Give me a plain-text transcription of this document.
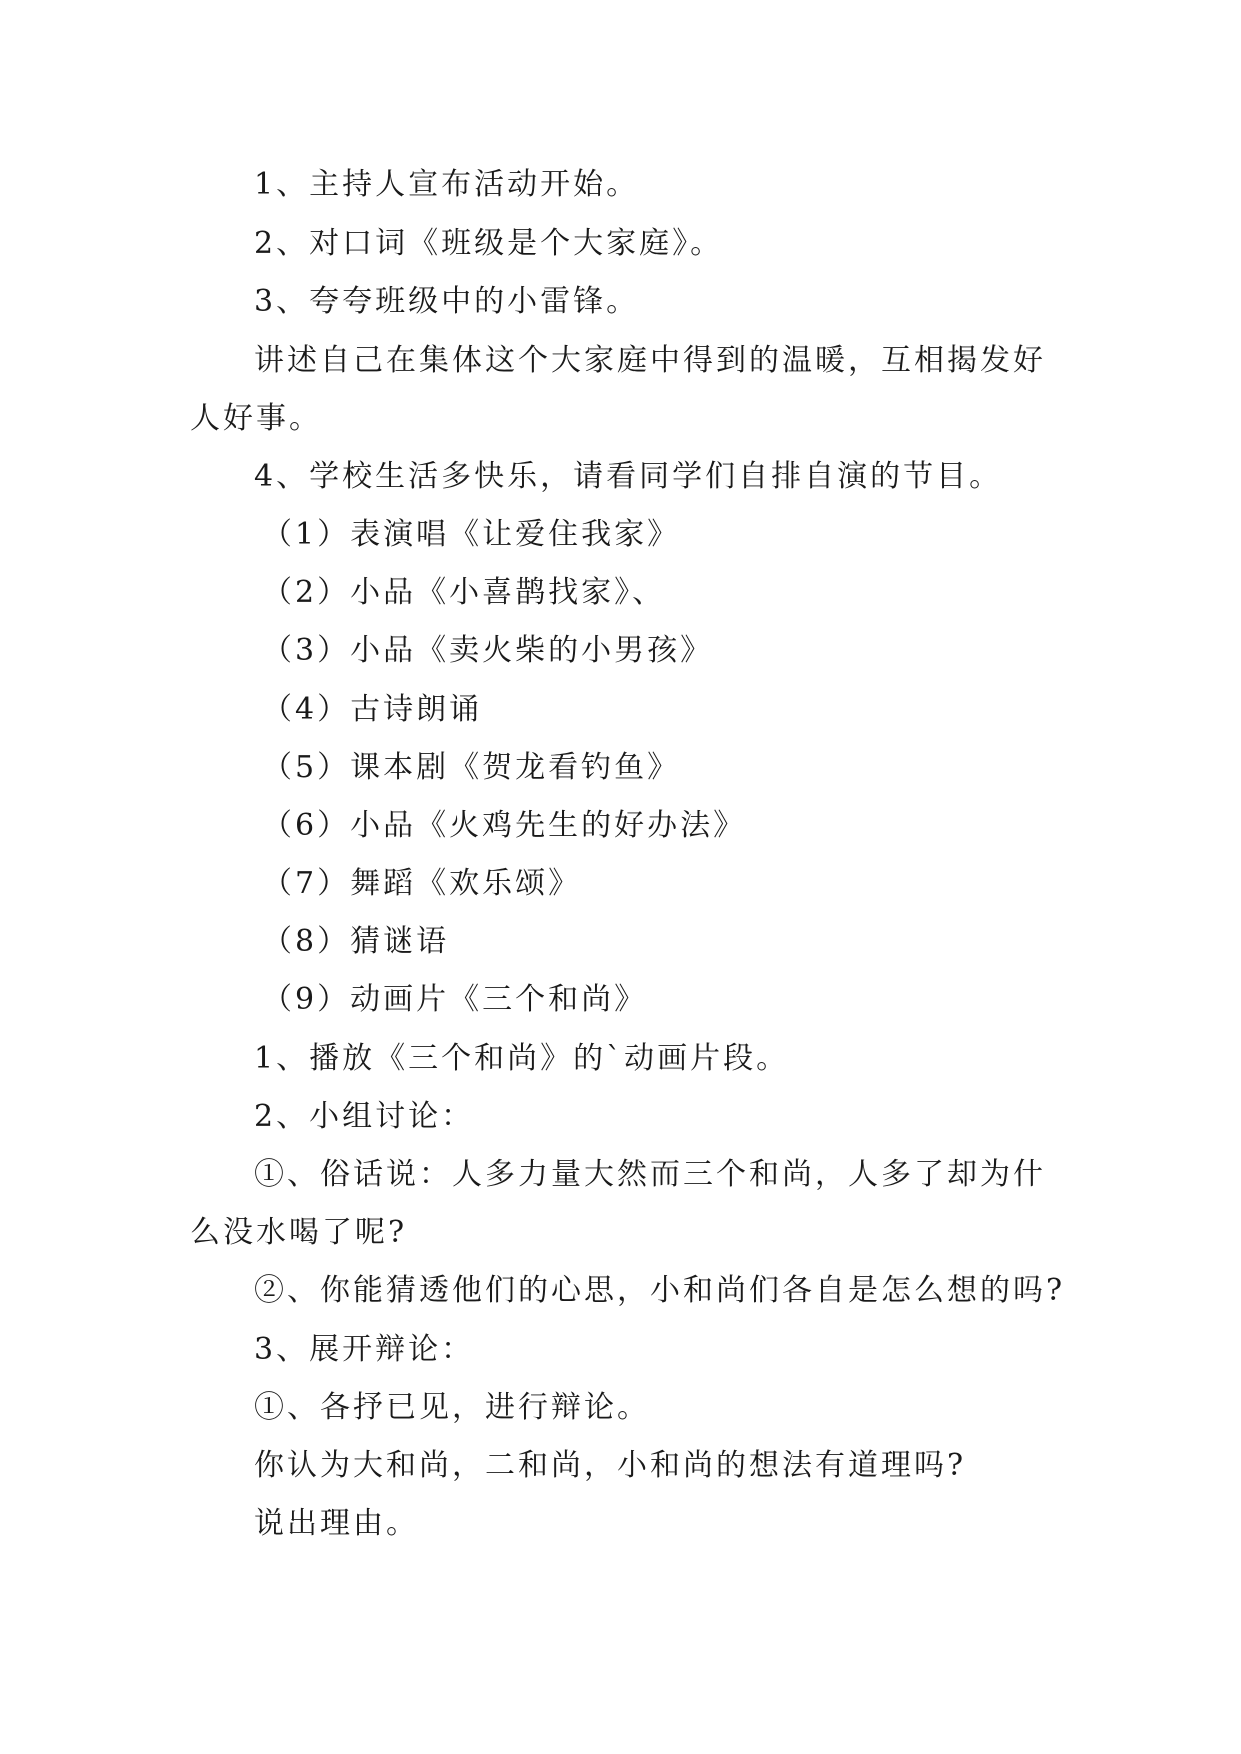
1、主持人宣布活动开始。
2、对口词《班级是个大家庭》。
3、夸夸班级中的小雷锋。
讲述自己在集体这个大家庭中得到的温暖，互相揭发好
人好事。
4、学校生活多快乐，请看同学们自排自演的节目。
（1）表演唱《让爱住我家》
（2）小品《小喜鹊找家》、
（3）小品《卖火柴的小男孩》
（4）古诗朗诵
（5）课本剧《贺龙看钓鱼》
（6）小品《火鸡先生的好办法》
（7）舞蹈《欢乐颂》
（8）猜谜语
（9）动画片《三个和尚》
1、播放《三个和尚》的`动画片段。
2、小组讨论：
①、俗话说：人多力量大然而三个和尚，人多了却为什
么没水喝了呢?
②、你能猜透他们的心思，小和尚们各自是怎么想的吗?
3、展开辩论：
①、各抒已见，进行辩论。
你认为大和尚，二和尚，小和尚的想法有道理吗?
说出理由。
